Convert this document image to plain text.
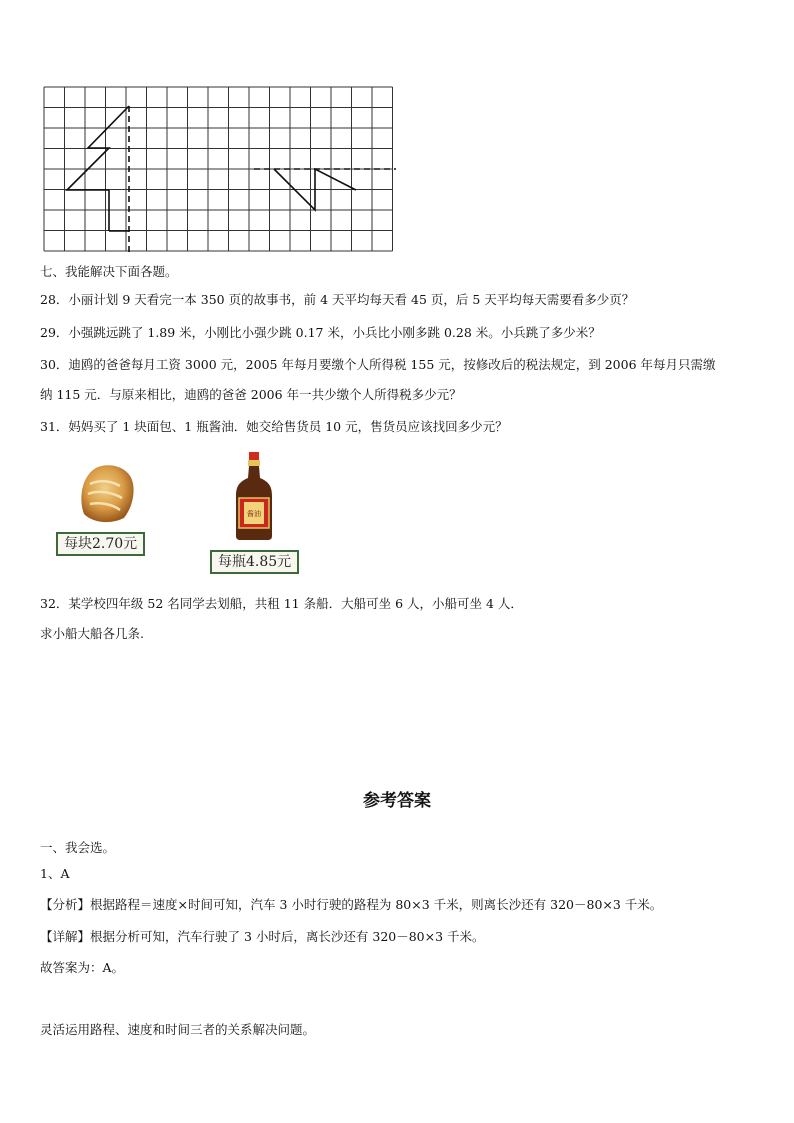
七、我能解决下面各题。
28．小丽计划 9 天看完一本 350 页的故事书，前 4 天平均每天看 45 页，后 5 天平均每天需要看多少页？
29．小强跳远跳了 1.89 米，小刚比小强少跳 0.17 米，小兵比小刚多跳 0.28 米。小兵跳了多少米？
30．迪鸥的爸爸每月工资 3000 元，2005 年每月要缴个人所得税 155 元，按修改后的税法规定，到 2006 年每月只需缴
纳 115 元．与原来相比，迪鸥的爸爸 2006 年一共少缴个人所得税多少元？
31．妈妈买了 1 块面包、1 瓶酱油．她交给售货员 10 元，售货员应该找回多少元？
每块2.70元
酱油
每瓶4.85元
32．某学校四年级 52 名同学去划船，共租 11 条船．大船可坐 6 人，小船可坐 4 人．
求小船大船各几条.
参考答案
一、我会选。
1、A
【分析】根据路程＝速度×时间可知，汽车 3 小时行驶的路程为 80×3 千米，则离长沙还有 320－80×3 千米。
【详解】根据分析可知，汽车行驶了 3 小时后，离长沙还有 320－80×3 千米。
故答案为：A。
灵活运用路程、速度和时间三者的关系解决问题。
